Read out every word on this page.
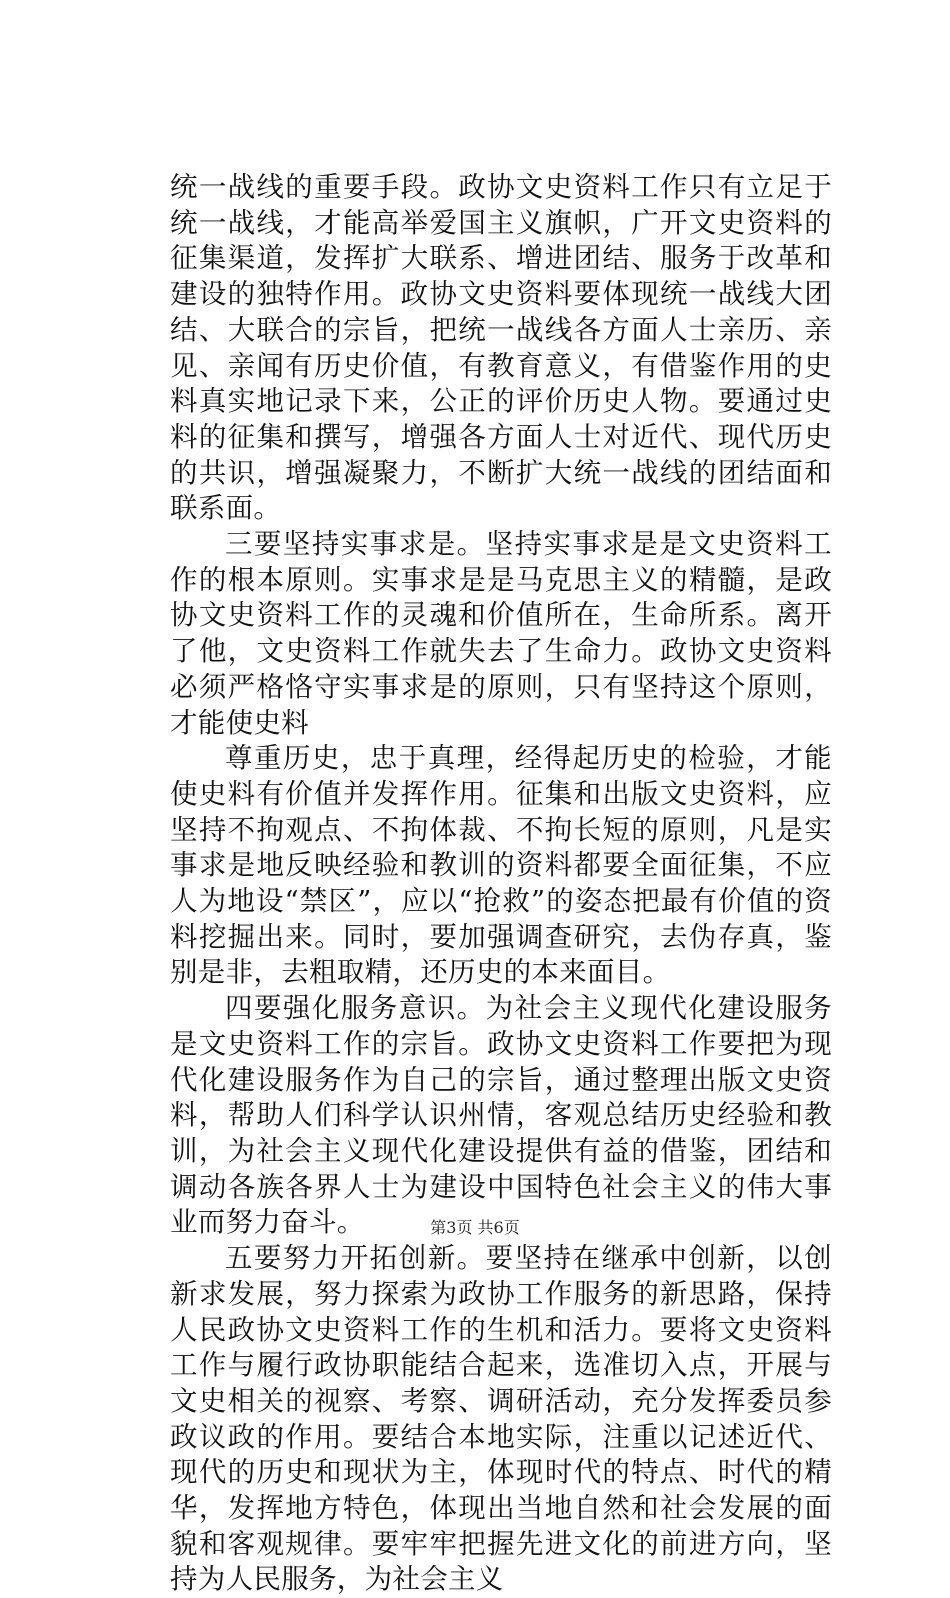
统一战线的重要手段。政协文史资料工作只有立足于统一战线，才能高举爱国主义旗帜，广开文史资料的征集渠道，发挥扩大联系、增进团结、服务于改革和建设的独特作用。政协文史资料要体现统一战线大团结、大联合的宗旨，把统一战线各方面人士亲历、亲见、亲闻有历史价值，有教育意义，有借鉴作用的史料真实地记录下来，公正的评价历史人物。要通过史料的征集和撰写，增强各方面人士对近代、现代历史的共识，增强凝聚力，不断扩大统一战线的团结面和联系面。

三要坚持实事求是。坚持实事求是是文史资料工作的根本原则。实事求是是马克思主义的精髓，是政协文史资料工作的灵魂和价值所在，生命所系。离开了他，文史资料工作就失去了生命力。政协文史资料必须严格恪守实事求是的原则，只有坚持这个原则，才能使史料

尊重历史，忠于真理，经得起历史的检验，才能使史料有价值并发挥作用。征集和出版文史资料，应坚持不拘观点、不拘体裁、不拘长短的原则，凡是实事求是地反映经验和教训的资料都要全面征集，不应人为地设“禁区”，应以“抢救”的姿态把最有价值的资料挖掘出来。同时，要加强调查研究，去伪存真，鉴别是非，去粗取精，还历史的本来面目。

四要强化服务意识。为社会主义现代化建设服务是文史资料工作的宗旨。政协文史资料工作要把为现代化建设服务作为自己的宗旨，通过整理出版文史资料，帮助人们科学认识州情，客观总结历史经验和教训，为社会主义现代化建设提供有益的借鉴，团结和调动各族各界人士为建设中国特色社会主义的伟大事业而努力奋斗。

五要努力开拓创新。要坚持在继承中创新，以创新求发展，努力探索为政协工作服务的新思路，保持人民政协文史资料工作的生机和活力。要将文史资料工作与履行政协职能结合起来，选准切入点，开展与文史相关的视察、考察、调研活动，充分发挥委员参政议政的作用。要结合本地实际，注重以记述近代、现代的历史和现状为主，体现时代的特点、时代的精华，发挥地方特色，体现出当地自然和社会发展的面貌和客观规律。要牢牢把握先进文化的前进方向，坚持为人民服务，为社会主义

第3页 共6页
